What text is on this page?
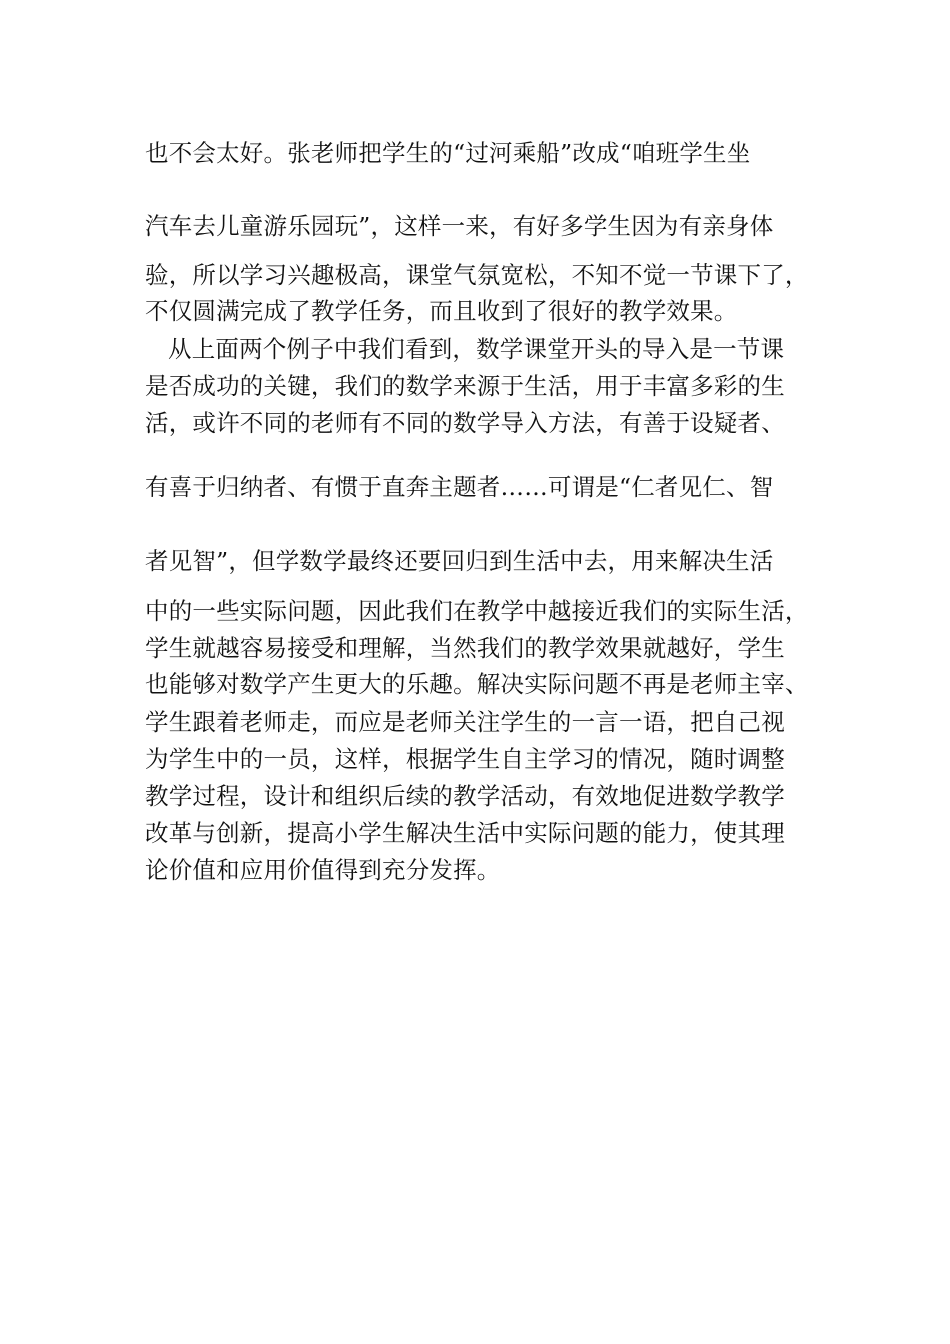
也不会太好。张老师把学生的“过河乘船”改成“咱班学生坐
汽车去儿童游乐园玩”，这样一来，有好多学生因为有亲身体
验，所以学习兴趣极高，课堂气氛宽松，不知不觉一节课下了，
不仅圆满完成了教学任务，而且收到了很好的教学效果。
从上面两个例子中我们看到，数学课堂开头的导入是一节课
是否成功的关键，我们的数学来源于生活，用于丰富多彩的生
活，或许不同的老师有不同的数学导入方法，有善于设疑者、
有喜于归纳者、有惯于直奔主题者……可谓是“仁者见仁、智
者见智”，但学数学最终还要回归到生活中去，用来解决生活
中的一些实际问题，因此我们在教学中越接近我们的实际生活，
学生就越容易接受和理解，当然我们的教学效果就越好，学生
也能够对数学产生更大的乐趣。解决实际问题不再是老师主宰、
学生跟着老师走，而应是老师关注学生的一言一语，把自己视
为学生中的一员，这样，根据学生自主学习的情况，随时调整
教学过程，设计和组织后续的教学活动，有效地促进数学教学
改革与创新，提高小学生解决生活中实际问题的能力，使其理
论价值和应用价值得到充分发挥。
